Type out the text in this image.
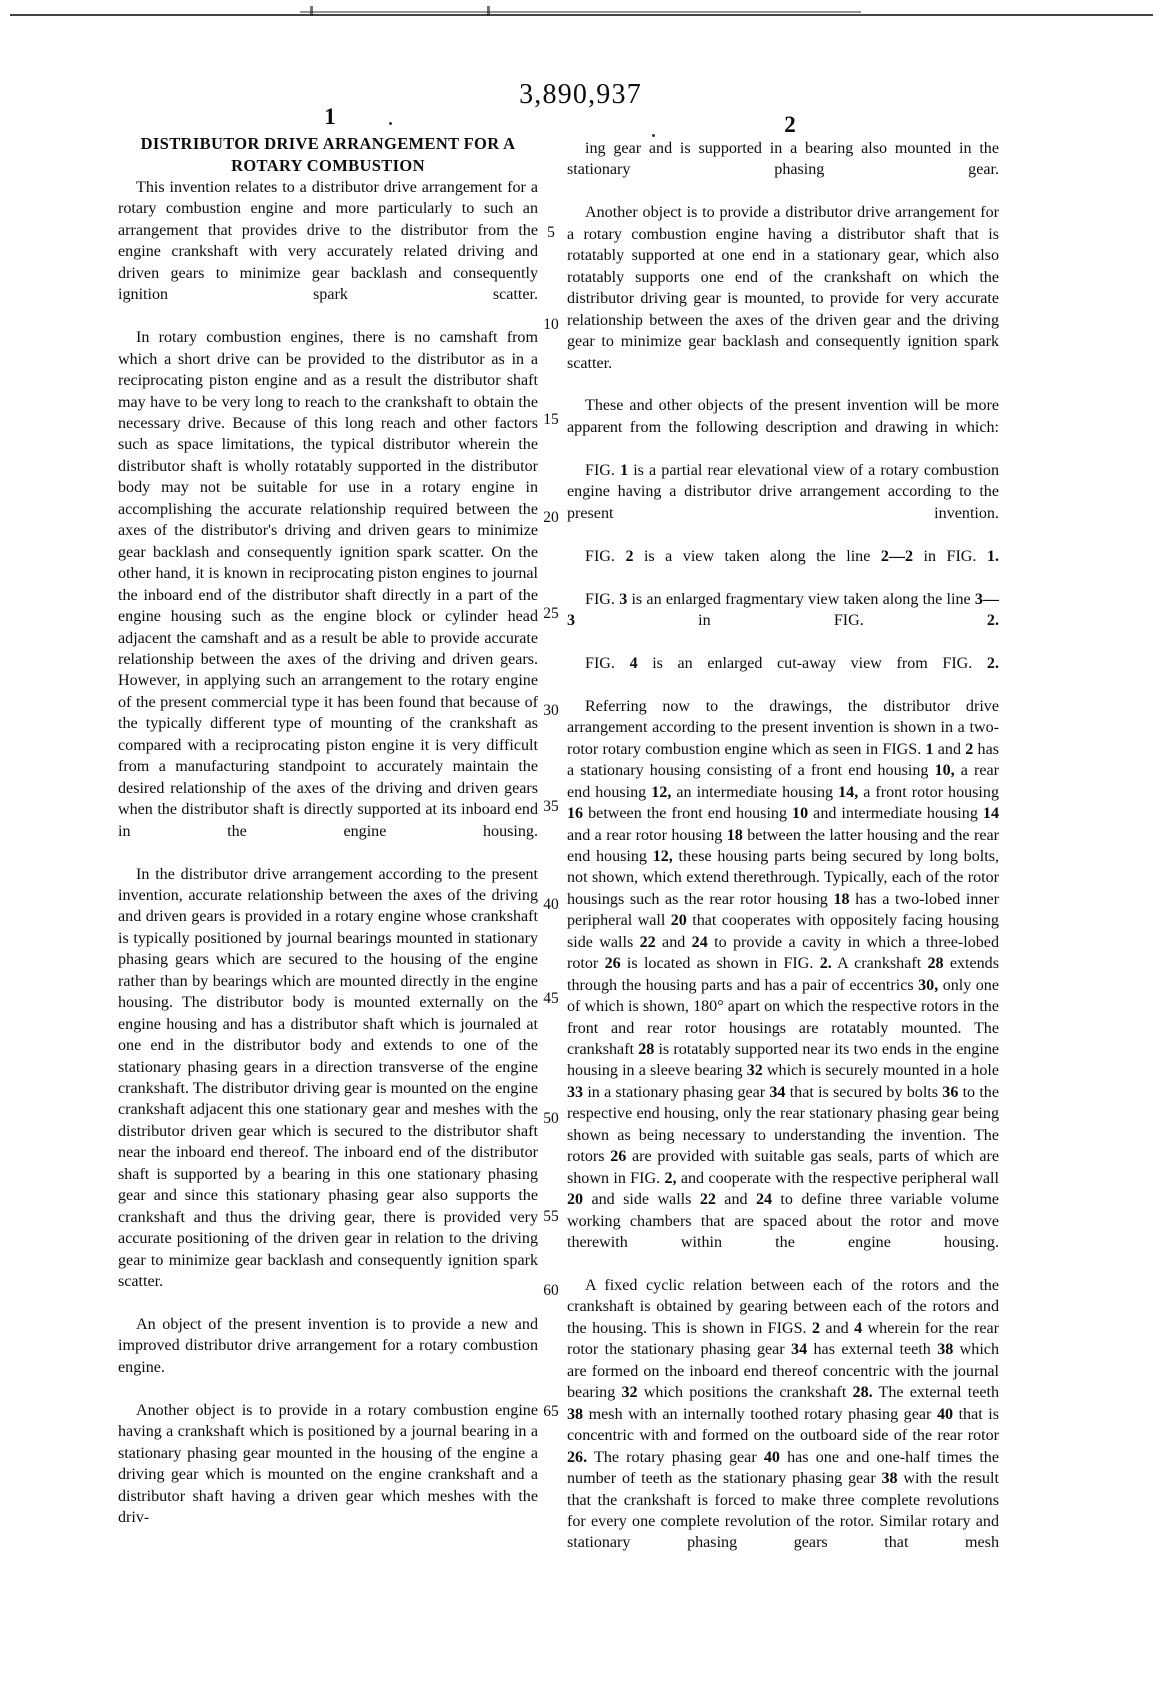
3,890,937
1	2
DISTRIBUTOR DRIVE ARRANGEMENT FOR A
ROTARY COMBUSTION

This invention relates to a distributor drive arrangement for a rotary combustion engine and more particularly to such an arrangement that provides drive to the distributor from the engine crankshaft with very accurately related driving and driven gears to minimize gear backlash and consequently ignition spark scatter.

In rotary combustion engines, there is no camshaft from which a short drive can be provided to the distributor as in a reciprocating piston engine and as a result the distributor shaft may have to be very long to reach to the crankshaft to obtain the necessary drive. Because of this long reach and other factors such as space limitations, the typical distributor wherein the distributor shaft is wholly rotatably supported in the distributor body may not be suitable for use in a rotary engine in accomplishing the accurate relationship required between the axes of the distributor's driving and driven gears to minimize gear backlash and consequently ignition spark scatter. On the other hand, it is known in reciprocating piston engines to journal the inboard end of the distributor shaft directly in a part of the engine housing such as the engine block or cylinder head adjacent the camshaft and as a result be able to provide accurate relationship between the axes of the driving and driven gears. However, in applying such an arrangement to the rotary engine of the present commercial type it has been found that because of the typically different type of mounting of the crankshaft as compared with a reciprocating piston engine it is very difficult from a manufacturing standpoint to accurately maintain the desired relationship of the axes of the driving and driven gears when the distributor shaft is directly supported at its inboard end in the engine housing.

In the distributor drive arrangement according to the present invention, accurate relationship between the axes of the driving and driven gears is provided in a rotary engine whose crankshaft is typically positioned by journal bearings mounted in stationary phasing gears which are secured to the housing of the engine rather than by bearings which are mounted directly in the engine housing. The distributor body is mounted externally on the engine housing and has a distributor shaft which is journaled at one end in the distributor body and extends to one of the stationary phasing gears in a direction transverse of the engine crankshaft. The distributor driving gear is mounted on the engine crankshaft adjacent this one stationary gear and meshes with the distributor driven gear which is secured to the distributor shaft near the inboard end thereof. The inboard end of the distributor shaft is supported by a bearing in this one stationary phasing gear and since this stationary phasing gear also supports the crankshaft and thus the driving gear, there is provided very accurate positioning of the driven gear in relation to the driving gear to minimize gear backlash and consequently ignition spark scatter.

An object of the present invention is to provide a new and improved distributor drive arrangement for a rotary combustion engine.

Another object is to provide in a rotary combustion engine having a crankshaft which is positioned by a journal bearing in a stationary phasing gear mounted in the housing of the engine a driving gear which is mounted on the engine crankshaft and a distributor shaft having a driven gear which meshes with the driv-

ing gear and is supported in a bearing also mounted in the stationary phasing gear.

Another object is to provide a distributor drive arrangement for a rotary combustion engine having a distributor shaft that is rotatably supported at one end in a stationary gear, which also rotatably supports one end of the crankshaft on which the distributor driving gear is mounted, to provide for very accurate relationship between the axes of the driven gear and the driving gear to minimize gear backlash and consequently ignition spark scatter.

These and other objects of the present invention will be more apparent from the following description and drawing in which:

FIG. 1 is a partial rear elevational view of a rotary combustion engine having a distributor drive arrangement according to the present invention.

FIG. 2 is a view taken along the line 2—2 in FIG. 1.

FIG. 3 is an enlarged fragmentary view taken along the line 3—3 in FIG. 2.

FIG. 4 is an enlarged cut-away view from FIG. 2.

Referring now to the drawings, the distributor drive arrangement according to the present invention is shown in a two-rotor rotary combustion engine which as seen in FIGS. 1 and 2 has a stationary housing consisting of a front end housing 10, a rear end housing 12, an intermediate housing 14, a front rotor housing 16 between the front end housing 10 and intermediate housing 14 and a rear rotor housing 18 between the latter housing and the rear end housing 12, these housing parts being secured by long bolts, not shown, which extend therethrough. Typically, each of the rotor housings such as the rear rotor housing 18 has a two-lobed inner peripheral wall 20 that cooperates with oppositely facing housing side walls 22 and 24 to provide a cavity in which a three-lobed rotor 26 is located as shown in FIG. 2. A crankshaft 28 extends through the housing parts and has a pair of eccentrics 30, only one of which is shown, 180° apart on which the respective rotors in the front and rear rotor housings are rotatably mounted. The crankshaft 28 is rotatably supported near its two ends in the engine housing in a sleeve bearing 32 which is securely mounted in a hole 33 in a stationary phasing gear 34 that is secured by bolts 36 to the respective end housing, only the rear stationary phasing gear being shown as being necessary to understanding the invention. The rotors 26 are provided with suitable gas seals, parts of which are shown in FIG. 2, and cooperate with the respective peripheral wall 20 and side walls 22 and 24 to define three variable volume working chambers that are spaced about the rotor and move therewith within the engine housing.

A fixed cyclic relation between each of the rotors and the crankshaft is obtained by gearing between each of the rotors and the housing. This is shown in FIGS. 2 and 4 wherein for the rear rotor the stationary phasing gear 34 has external teeth 38 which are formed on the inboard end thereof concentric with the journal bearing 32 which positions the crankshaft 28. The external teeth 38 mesh with an internally toothed rotary phasing gear 40 that is concentric with and formed on the outboard side of the rear rotor 26. The rotary phasing gear 40 has one and one-half times the number of teeth as the stationary phasing gear 38 with the result that the crankshaft is forced to make three complete revolutions for every one complete revolution of the rotor. Similar rotary and stationary phasing gears that mesh

5
10
15
20
25
30
35
40
45
50
55
60
65
